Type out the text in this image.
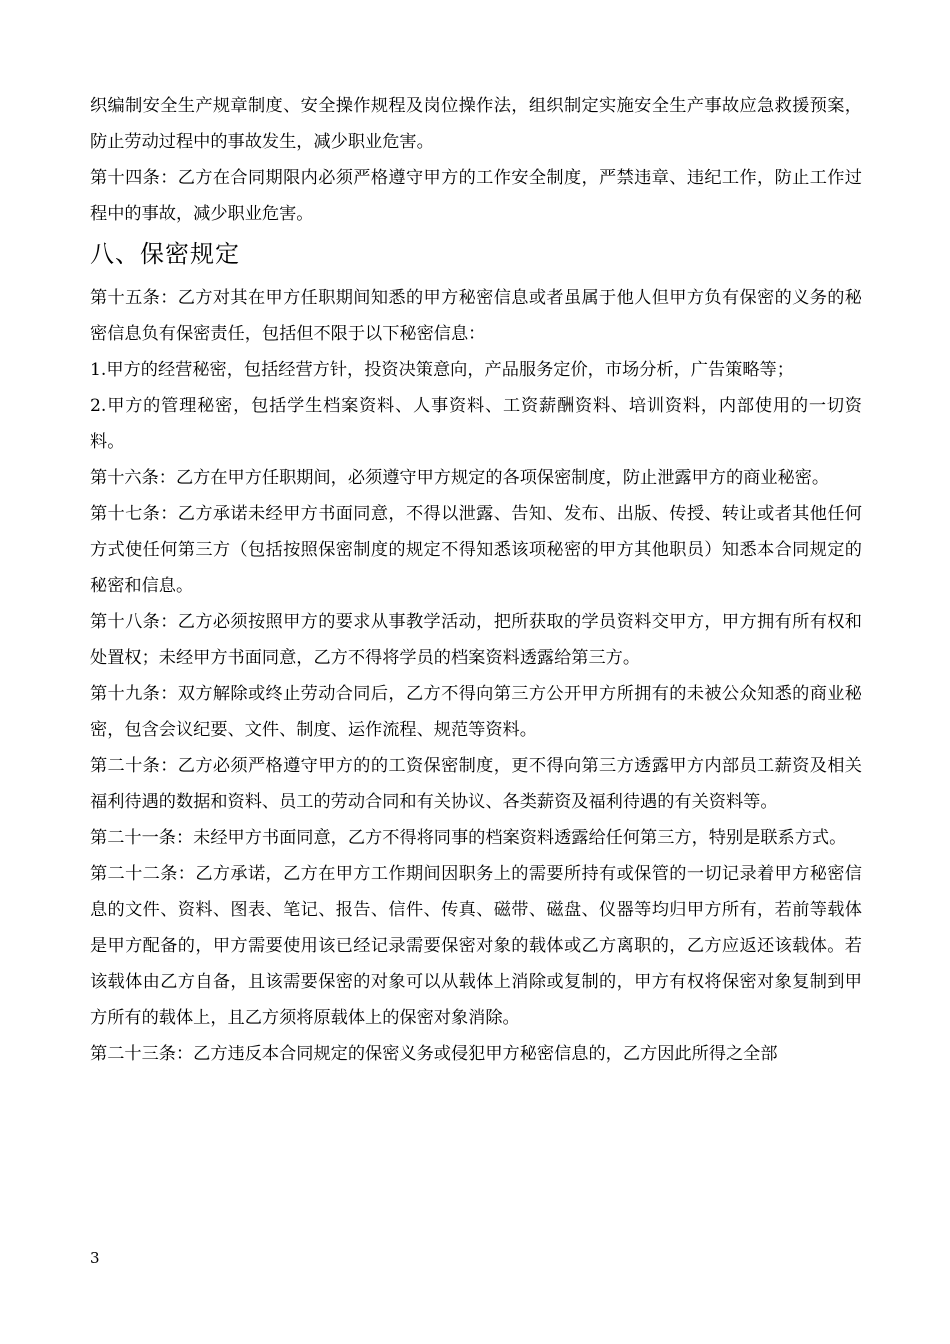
织编制安全生产规章制度、安全操作规程及岗位操作法，组织制定实施安全生产事故应急救援预案，防止劳动过程中的事故发生，减少职业危害。

第十四条：乙方在合同期限内必须严格遵守甲方的工作安全制度，严禁违章、违纪工作，防止工作过程中的事故，减少职业危害。

八、保密规定

第十五条：乙方对其在甲方任职期间知悉的甲方秘密信息或者虽属于他人但甲方负有保密的义务的秘密信息负有保密责任，包括但不限于以下秘密信息：

1.甲方的经营秘密，包括经营方针，投资决策意向，产品服务定价，市场分析，广告策略等；

2.甲方的管理秘密，包括学生档案资料、人事资料、工资薪酬资料、培训资料，内部使用的一切资料。

第十六条：乙方在甲方任职期间，必须遵守甲方规定的各项保密制度，防止泄露甲方的商业秘密。

第十七条：乙方承诺未经甲方书面同意，不得以泄露、告知、发布、出版、传授、转让或者其他任何方式使任何第三方（包括按照保密制度的规定不得知悉该项秘密的甲方其他职员）知悉本合同规定的秘密和信息。

第十八条：乙方必须按照甲方的要求从事教学活动，把所获取的学员资料交甲方，甲方拥有所有权和处置权；未经甲方书面同意，乙方不得将学员的档案资料透露给第三方。

第十九条：双方解除或终止劳动合同后，乙方不得向第三方公开甲方所拥有的未被公众知悉的商业秘密，包含会议纪要、文件、制度、运作流程、规范等资料。

第二十条：乙方必须严格遵守甲方的的工资保密制度，更不得向第三方透露甲方内部员工薪资及相关福利待遇的数据和资料、员工的劳动合同和有关协议、各类薪资及福利待遇的有关资料等。

第二十一条：未经甲方书面同意，乙方不得将同事的档案资料透露给任何第三方，特别是联系方式。

第二十二条：乙方承诺，乙方在甲方工作期间因职务上的需要所持有或保管的一切记录着甲方秘密信息的文件、资料、图表、笔记、报告、信件、传真、磁带、磁盘、仪器等均归甲方所有，若前等载体是甲方配备的，甲方需要使用该已经记录需要保密对象的载体或乙方离职的，乙方应返还该载体。若该载体由乙方自备，且该需要保密的对象可以从载体上消除或复制的，甲方有权将保密对象复制到甲方所有的载体上，且乙方须将原载体上的保密对象消除。

第二十三条：乙方违反本合同规定的保密义务或侵犯甲方秘密信息的，乙方因此所得之全部

3
